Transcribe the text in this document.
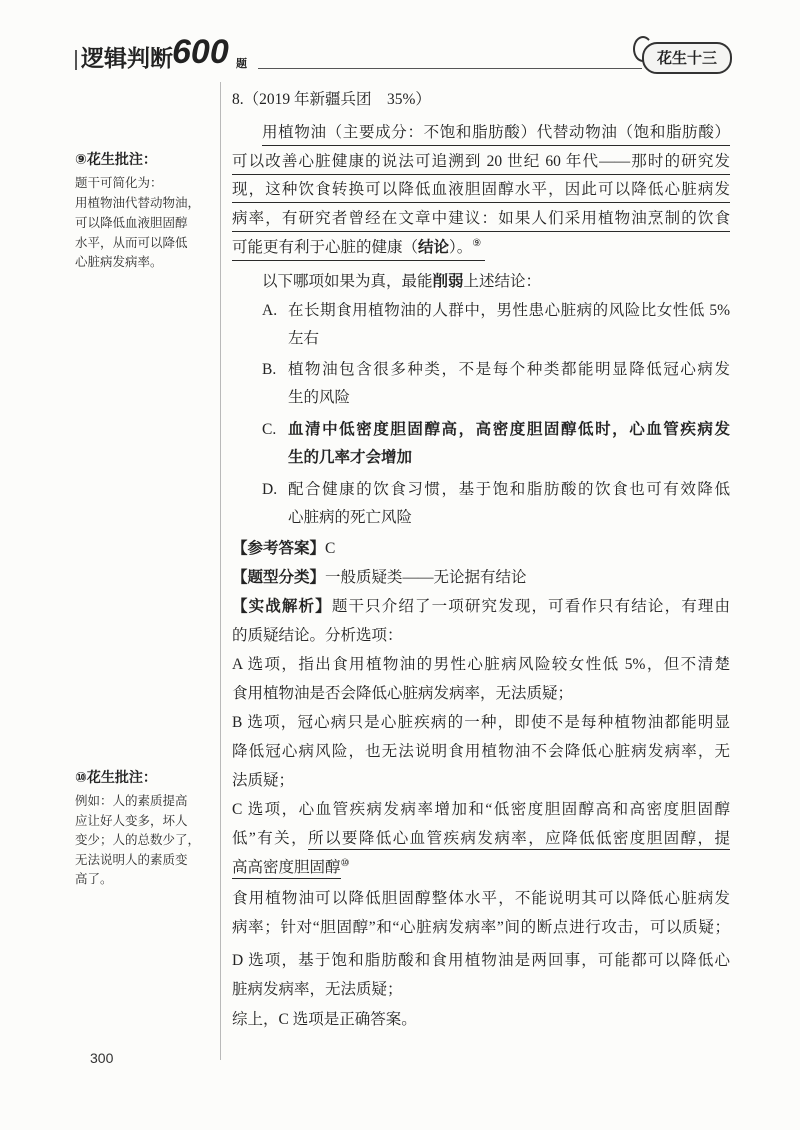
逻辑判断 600 题	花生十三
⑨花生批注：
题干可简化为：
用植物油代替动物油，
可以降低血液胆固醇
水平，从而可以降低
心脏病发病率。
⑩花生批注：
例如：人的素质提高
应让好人变多，坏人
变少；人的总数少了，
无法说明人的素质变
高了。
8.（2019 年新疆兵团　35%）
用植物油（主要成分：不饱和脂肪酸）代替动物油（饱和脂肪酸）
可以改善心脏健康的说法可追溯到 20 世纪 60 年代——那时的研究发
现，这种饮食转换可以降低血液胆固醇水平，因此可以降低心脏病发
病率，有研究者曾经在文章中建议：如果人们采用植物油烹制的饮食
可能更有利于心脏的健康（结论）。⑨
以下哪项如果为真，最能削弱上述结论：
A. 在长期食用植物油的人群中，男性患心脏病的风险比女性低 5%
左右
B. 植物油包含很多种类，不是每个种类都能明显降低冠心病发
生的风险
C. 血清中低密度胆固醇高，高密度胆固醇低时，心血管疾病发
生的几率才会增加
D. 配合健康的饮食习惯，基于饱和脂肪酸的饮食也可有效降低
心脏病的死亡风险
【参考答案】C
【题型分类】一般质疑类——无论据有结论
【实战解析】题干只介绍了一项研究发现，可看作只有结论，有理由
的质疑结论。分析选项：
A 选项，指出食用植物油的男性心脏病风险较女性低 5%，但不清楚
食用植物油是否会降低心脏病发病率，无法质疑；
B 选项，冠心病只是心脏疾病的一种，即使不是每种植物油都能明显
降低冠心病风险，也无法说明食用植物油不会降低心脏病发病率，无
法质疑；
C 选项，心血管疾病发病率增加和“低密度胆固醇高和高密度胆固醇
低”有关，所以要降低心血管疾病发病率，应降低低密度胆固醇，提
高高密度胆固醇⑩
食用植物油可以降低胆固醇整体水平，不能说明其可以降低心脏病发
病率；针对“胆固醇”和“心脏病发病率”间的断点进行攻击，可以质疑；
D 选项，基于饱和脂肪酸和食用植物油是两回事，可能都可以降低心
脏病发病率，无法质疑；
综上，C 选项是正确答案。
300
